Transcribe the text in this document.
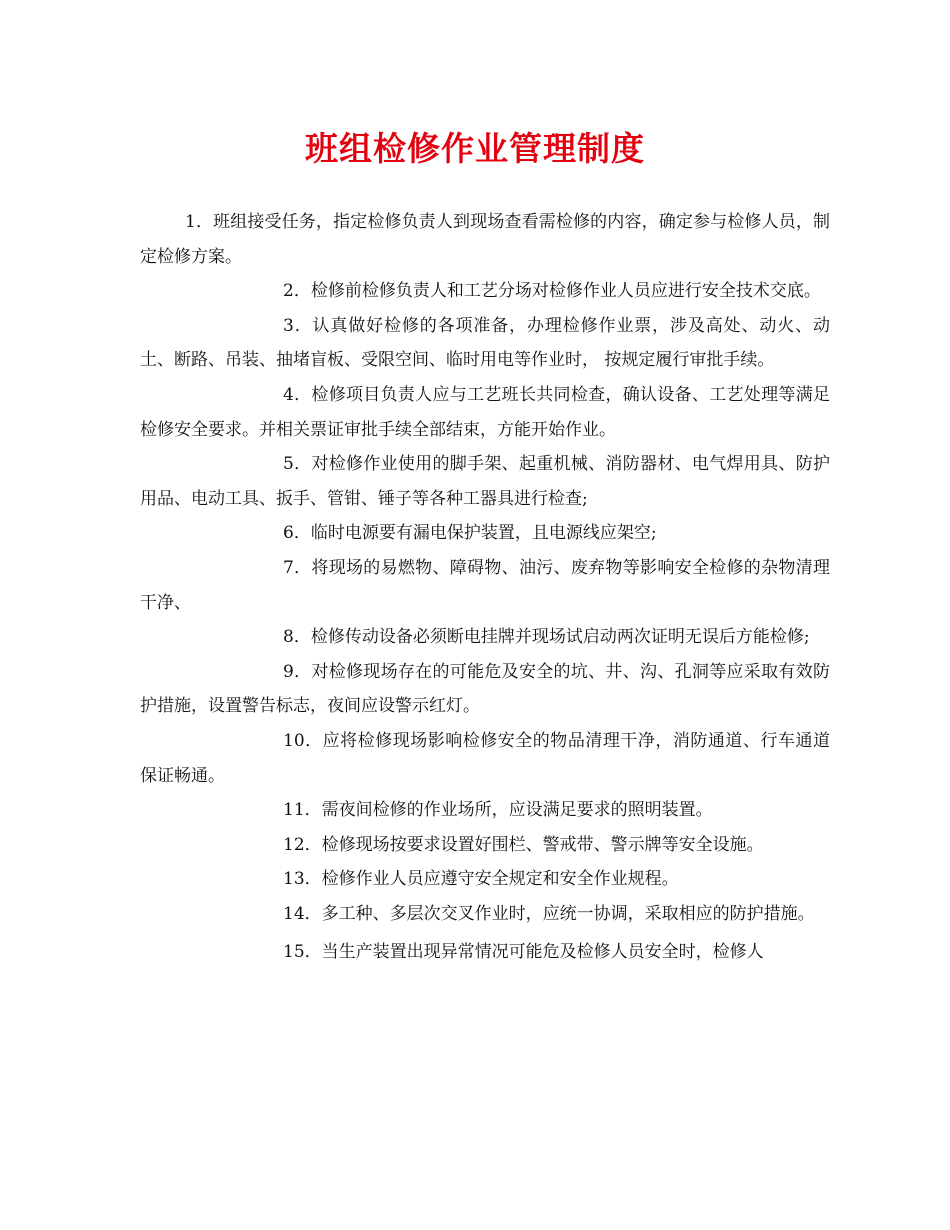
班组检修作业管理制度

1．班组接受任务，指定检修负责人到现场查看需检修的内容，确定参与检修人员，制定检修方案。

2．检修前检修负责人和工艺分场对检修作业人员应进行安全技术交底。

3．认真做好检修的各项准备，办理检修作业票，涉及高处、动火、动土、断路、吊装、抽堵盲板、受限空间、临时用电等作业时， 按规定履行审批手续。

4．检修项目负责人应与工艺班长共同检查，确认设备、工艺处理等满足检修安全要求。并相关票证审批手续全部结束，方能开始作业。

5．对检修作业使用的脚手架、起重机械、消防器材、电气焊用具、防护用品、电动工具、扳手、管钳、锤子等各种工器具进行检查;

6．临时电源要有漏电保护装置，且电源线应架空;

7．将现场的易燃物、障碍物、油污、废弃物等影响安全检修的杂物清理干净、

8．检修传动设备必须断电挂牌并现场试启动两次证明无误后方能检修;

9．对检修现场存在的可能危及安全的坑、井、沟、孔洞等应采取有效防护措施，设置警告标志，夜间应设警示红灯。

10．应将检修现场影响检修安全的物品清理干净，消防通道、行车通道保证畅通。

11．需夜间检修的作业场所，应设满足要求的照明装置。

12．检修现场按要求设置好围栏、警戒带、警示牌等安全设施。

13．检修作业人员应遵守安全规定和安全作业规程。

14．多工种、多层次交叉作业时，应统一协调，采取相应的防护措施。

15．当生产装置出现异常情况可能危及检修人员安全时，检修人
